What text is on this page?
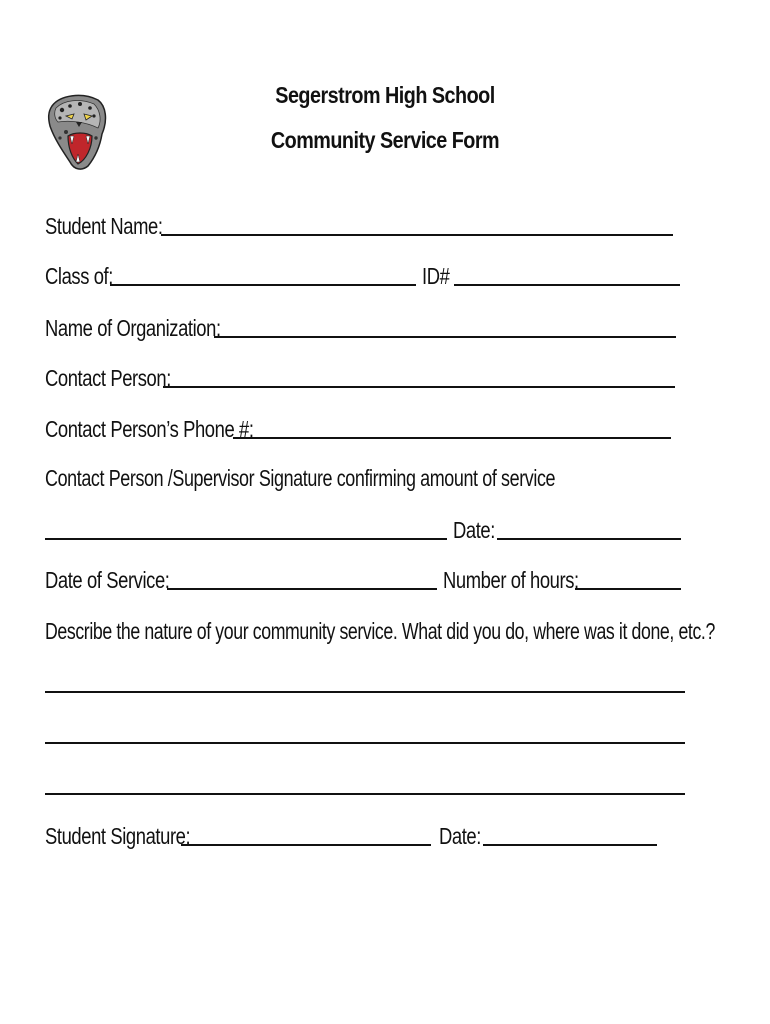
Segerstrom High School
Community Service Form
Student Name:
Class of:	ID#
Name of Organization:
Contact Person:
Contact Person’s Phone #:
Contact Person /Supervisor Signature confirming amount of service
Date:
Date of Service:	Number of hours:
Describe the nature of your community service. What did you do, where was it done, etc.?
Student Signature:	Date:
